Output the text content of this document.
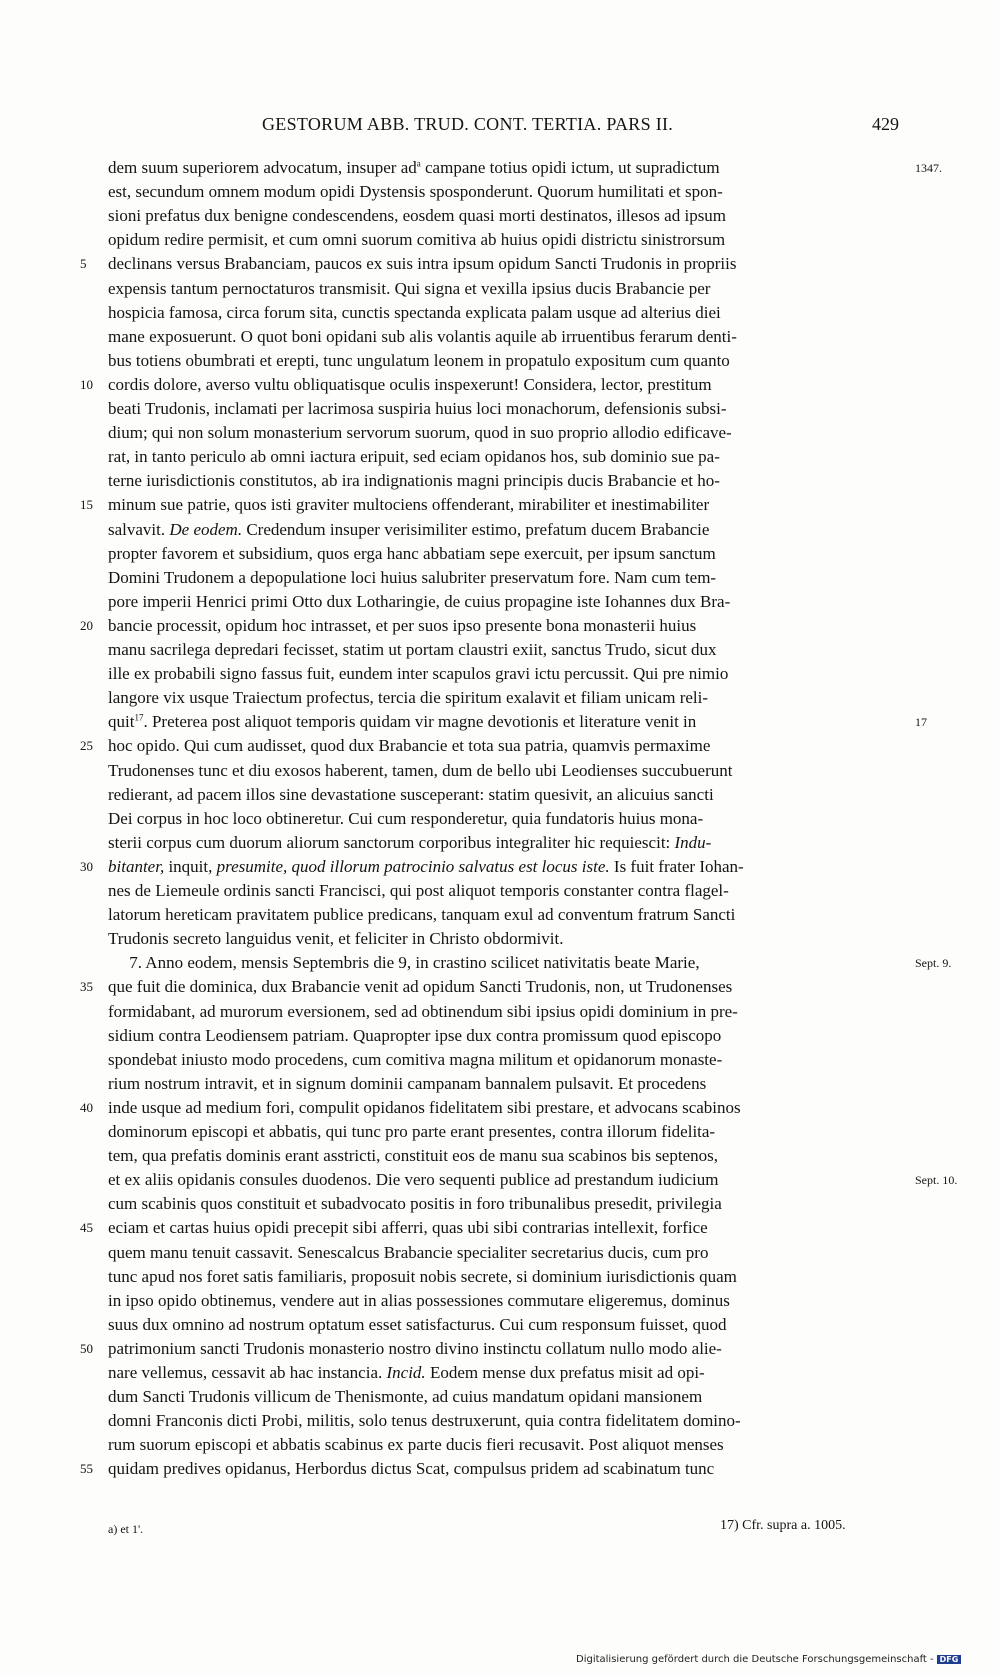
GESTORUM ABB. TRUD. CONT. TERTIA. PARS II.	429
dem suum superiorem advocatum, insuper $ad^a$ campane totius opidi ictum, ut supradictum
est, secundum omnem modum opidi Dystensis sposponderunt. Quorum humilitati et spon-
sioni prefatus dux benigne condescendens, eosdem quasi morti destinatos, illesos ad ipsum
opidum redire permisit, et cum omni suorum comitiva ab huius opidi districtu sinistrorsum
declinans versus Brabanciam, paucos ex suis intra ipsum opidum Sancti Trudonis in propriis
expensis tantum pernoctaturos transmisit. Qui signa et vexilla ipsius ducis Brabancie per
hospicia famosa, circa forum sita, cunctis spectanda explicata palam usque ad alterius diei
mane exposuerunt. O quot boni opidani sub alis volantis aquile ab irruentibus ferarum denti-
bus totiens obumbrati et erepti, tunc ungulatum leonem in propatulo expositum cum quanto
cordis dolore, averso vultu obliquatisque oculis inspexerunt! Considera, lector, prestitum
beati Trudonis, inclamati per lacrimosa suspiria huius loci monachorum, defensionis subsi-
dium; qui non solum monasterium servorum suorum, quod in suo proprio allodio edificave-
rat, in tanto periculo ab omni iactura eripuit, sed eciam opidanos hos, sub dominio sue pa-
terne iurisdictionis constitutos, ab ira indignationis magni principis ducis Brabancie et ho-
minum sue patrie, quos isti graviter multociens offenderant, mirabiliter et inestimabiliter
salvavit. De eodem. Credendum insuper verisimiliter estimo, prefatum ducem Brabancie
propter favorem et subsidium, quos erga hanc abbatiam sepe exercuit, per ipsum sanctum
Domini Trudonem a depopulatione loci huius salubriter preservatum fore. Nam cum tem-
pore imperii Henrici primi Otto dux Lotharingie, de cuius propagine iste Iohannes dux Bra-
bancie processit, opidum hoc intrasset, et per suos ipso presente bona monasterii huius
manu sacrilega depredari fecisset, statim ut portam claustri exiit, sanctus Trudo, sicut dux
ille ex probabili signo fassus fuit, eundem inter scapulos gravi ictu percussit. Qui pre nimio
langore vix usque Traiectum profectus, tercia die spiritum exalavit et filiam unicam reli-
quit$^{17}$. Preterea post aliquot temporis quidam vir magne devotionis et literature venit in
hoc opido. Qui cum audisset, quod dux Brabancie et tota sua patria, quamvis permaxime
Trudonenses tunc et diu exosos haberent, tamen, dum de bello ubi Leodienses succubuerunt
redierant, ad pacem illos sine devastatione susceperant: statim quesivit, an alicuius sancti
Dei corpus in hoc loco obtineretur. Cui cum responderetur, quia fundatoris huius mona-
sterii corpus cum duorum aliorum sanctorum corporibus integraliter hic requiescit: Indu-
bitanter, inquit, presumite, quod illorum patrocinio salvatus est locus iste. Is fuit frater Iohan-
nes de Liemeule ordinis sancti Francisci, qui post aliquot temporis constanter contra flagel-
latorum hereticam pravitatem publice predicans, tanquam exul ad conventum fratrum Sancti
Trudonis secreto languidus venit, et feliciter in Christo obdormivit.
7. Anno eodem, mensis Septembris die 9, in crastino scilicet nativitatis beate Marie,
que fuit die dominica, dux Brabancie venit ad opidum Sancti Trudonis, non, ut Trudonenses
formidabant, ad murorum eversionem, sed ad obtinendum sibi ipsius opidi dominium in pre-
sidium contra Leodiensem patriam. Quapropter ipse dux contra promissum quod episcopo
spondebat iniusto modo procedens, cum comitiva magna militum et opidanorum monaste-
rium nostrum intravit, et in signum dominii campanam bannalem pulsavit. Et procedens
inde usque ad medium fori, compulit opidanos fidelitatem sibi prestare, et advocans scabinos
dominorum episcopi et abbatis, qui tunc pro parte erant presentes, contra illorum fidelita-
tem, qua prefatis dominis erant asstricti, constituit eos de manu sua scabinos bis septenos,
et ex aliis opidanis consules duodenos. Die vero sequenti publice ad prestandum iudicium
cum scabinis quos constituit et subadvocato positis in foro tribunalibus presedit, privilegia
eciam et cartas huius opidi precepit sibi afferri, quas ubi sibi contrarias intellexit, forfice
quem manu tenuit cassavit. Senescalcus Brabancie specialiter secretarius ducis, cum pro
tunc apud nos foret satis familiaris, proposuit nobis secrete, si dominium iurisdictionis quam
in ipso opido obtinemus, vendere aut in alias possessiones commutare eligeremus, dominus
suus dux omnino ad nostrum optatum esset satisfacturus. Cui cum responsum fuisset, quod
patrimonium sancti Trudonis monasterio nostro divino instinctu collatum nullo modo alie-
nare vellemus, cessavit ab hac instancia. Incid. Eodem mense dux prefatus misit ad opi-
dum Sancti Trudonis villicum de Thenismonte, ad cuius mandatum opidani mansionem
domni Franconis dicti Probi, militis, solo tenus destruxerunt, quia contra fidelitatem domino-
rum suorum episcopi et abbatis scabinus ex parte ducis fieri recusavit. Post aliquot menses
quidam predives opidanus, Herbordus dictus Scat, compulsus pridem ad scabinatum tunc
5
10
15
20
25
30
35
40
45
50
55
1347.
17
Sept. 9.
Sept. 10.
a) et 1'.	17) Cfr. supra a. 1005.
Digitalisierung gefördert durch die Deutsche Forschungsgemeinschaft - DFG
